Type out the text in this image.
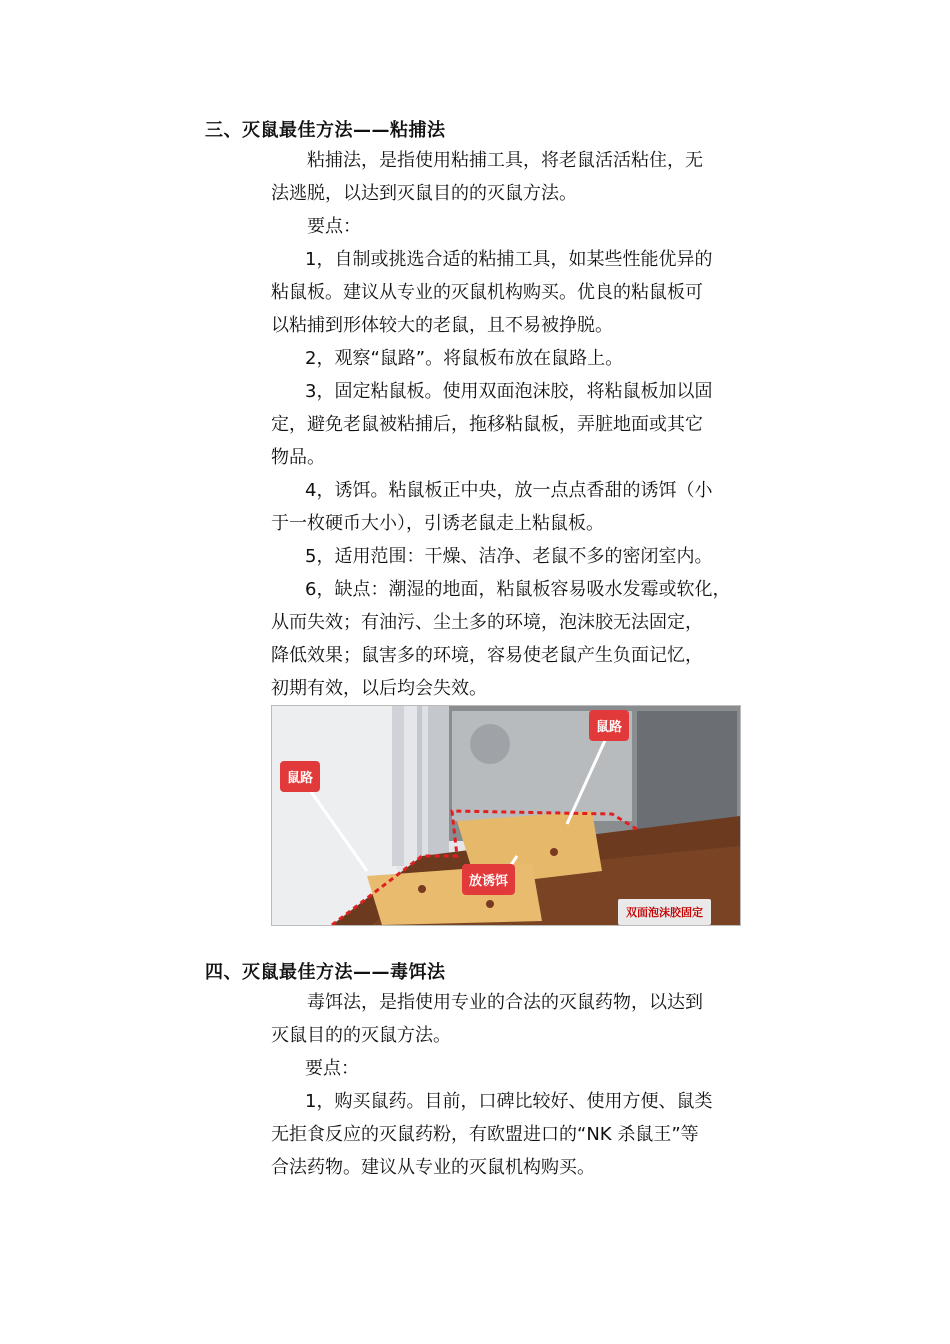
三、灭鼠最佳方法——粘捕法
粘捕法，是指使用粘捕工具，将老鼠活活粘住，无
法逃脱，以达到灭鼠目的的灭鼠方法。
要点：
1，自制或挑选合适的粘捕工具，如某些性能优异的
粘鼠板。建议从专业的灭鼠机构购买。优良的粘鼠板可
以粘捕到形体较大的老鼠，且不易被挣脱。
2，观察“鼠路”。将鼠板布放在鼠路上。
3，固定粘鼠板。使用双面泡沫胶，将粘鼠板加以固
定，避免老鼠被粘捕后，拖移粘鼠板，弄脏地面或其它
物品。
4，诱饵。粘鼠板正中央，放一点点香甜的诱饵（小
于一枚硬币大小），引诱老鼠走上粘鼠板。
5，适用范围：干燥、洁净、老鼠不多的密闭室内。
6，缺点：潮湿的地面，粘鼠板容易吸水发霉或软化，
从而失效；有油污、尘土多的环境，泡沫胶无法固定，
降低效果；鼠害多的环境，容易使老鼠产生负面记忆，
初期有效，以后均会失效。
鼠路
鼠路
放诱饵
双面泡沫胶固定
四、灭鼠最佳方法——毒饵法
毒饵法，是指使用专业的合法的灭鼠药物，以达到
灭鼠目的的灭鼠方法。
要点：
1，购买鼠药。目前，口碑比较好、使用方便、鼠类
无拒食反应的灭鼠药粉，有欧盟进口的“NK 杀鼠王”等
合法药物。建议从专业的灭鼠机构购买。
